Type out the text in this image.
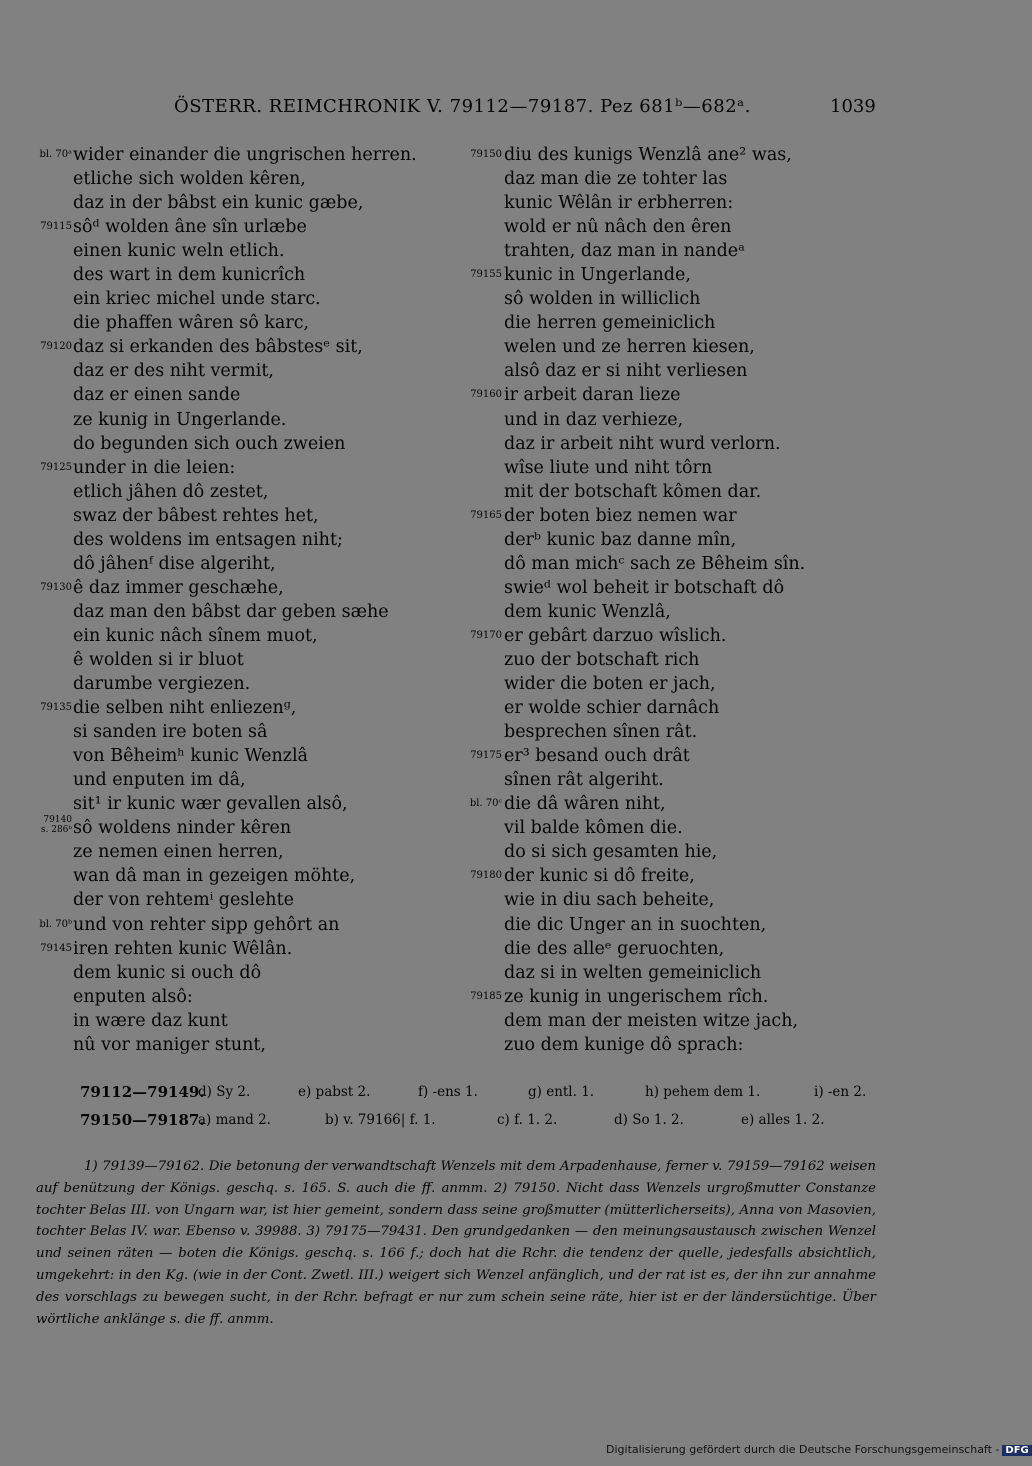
ÖSTERR. REIMCHRONIK V. 79112—79187. Pez 681ᵇ—682ᵃ.	1039
bl. 70ᵃ wider einander die ungrischen herren.
etliche sich wolden kêren,
daz in der bâbst ein kunic gæbe,
79115 sôᵈ wolden âne sîn urlæbe
einen kunic weln etlich.
des wart in dem kunicrîch
ein kriec michel unde starc.
die phaffen wâren sô karc,
79120 daz si erkanden des bâbstesᵉ sit,
daz er des niht vermit,
daz er einen sande
ze kunig in Ungerlande.
do begunden sich ouch zweien
79125 under in die leien:
etlich jâhen dô zestet,
swaz der bâbest rehtes het,
des woldens im entsagen niht;
dô jâhenᶠ dise algeriht,
79130 ê daz immer geschæhe,
daz man den bâbst dar geben sæhe
ein kunic nâch sînem muot,
ê wolden si ir bluot
darumbe vergiezen.
79135 die selben niht enliezenᵍ,
si sanden ire boten sâ
von Bêheimʰ kunic Wenzlâ
und enputen im dâ,
sit¹ ir kunic wær gevallen alsô,
79140
s. 286ᵇ sô woldens ninder kêren
ze nemen einen herren,
wan dâ man in gezeigen möhte,
der von rehtemⁱ geslehte
bl. 70ᵇ und von rehter sipp gehôrt an
79145 iren rehten kunic Wêlân.
dem kunic si ouch dô
enputen alsô:
in wære daz kunt
nû vor maniger stunt,
79150 diu des kunigs Wenzlâ ane² was,
daz man die ze tohter las
kunic Wêlân ir erbherren:
wold er nû nâch den êren
trahten, daz man in nandeᵃ
79155 kunic in Ungerlande,
sô wolden in williclich
die herren gemeiniclich
welen und ze herren kiesen,
alsô daz er si niht verliesen
79160 ir arbeit daran lieze
und in daz verhieze,
daz ir arbeit niht wurd verlorn.
wîse liute und niht tôrn
mit der botschaft kômen dar.
79165 der boten biez nemen war
derᵇ kunic baz danne mîn,
dô man michᶜ sach ze Bêheim sîn.
swieᵈ wol beheit ir botschaft dô
dem kunic Wenzlâ,
79170 er gebârt darzuo wîslich.
zuo der botschaft rich
wider die boten er jach,
er wolde schier darnâch
besprechen sînen rât.
79175 er³ besand ouch drât
sînen rât algeriht.
bl. 70ᶜ die dâ wâren niht,
vil balde kômen die.
do si sich gesamten hie,
79180 der kunic si dô freite,
wie in diu sach beheite,
die dic Unger an in suochten,
die des alleᵉ geruochten,
daz si in welten gemeiniclich
79185 ze kunig in ungerischem rîch.
dem man der meisten witze jach,
zuo dem kunige dô sprach:
79112—79149.
d) Sy 2.	e) pabst 2.	f) -ens 1.	g) entl. 1.	h) pehem dem 1.	i) -en 2.
79150—79187.
a) mand 2.	b) v. 79166| f. 1.	c) f. 1. 2.	d) So 1. 2.	e) alles 1. 2.

1) 79139—79162. Die betonung der verwandtschaft Wenzels mit dem Arpadenhause, ferner v. 79159—79162 weisen auf benützung der Königs. geschq. s. 165. S. auch die ff. anmm. 2) 79150. Nicht dass Wenzels urgroßmutter Constanze tochter Belas III. von Ungarn war, ist hier gemeint, sondern dass seine großmutter (mütterlicherseits), Anna von Masovien, tochter Belas IV. war. Ebenso v. 39988. 3) 79175—79431. Den grundgedanken — den meinungsaustausch zwischen Wenzel und seinen räten — boten die Königs. geschq. s. 166 f.; doch hat die Rchr. die tendenz der quelle, jedesfalls absichtlich, umgekehrt: in den Kg. (wie in der Cont. Zwetl. III.) weigert sich Wenzel anfänglich, und der rat ist es, der ihn zur annahme des vorschlags zu bewegen sucht, in der Rchr. befragt er nur zum schein seine räte, hier ist er der ländersüchtige. Über wörtliche anklänge s. die ff. anmm.

Digitalisierung gefördert durch die Deutsche Forschungsgemeinschaft - DFG
